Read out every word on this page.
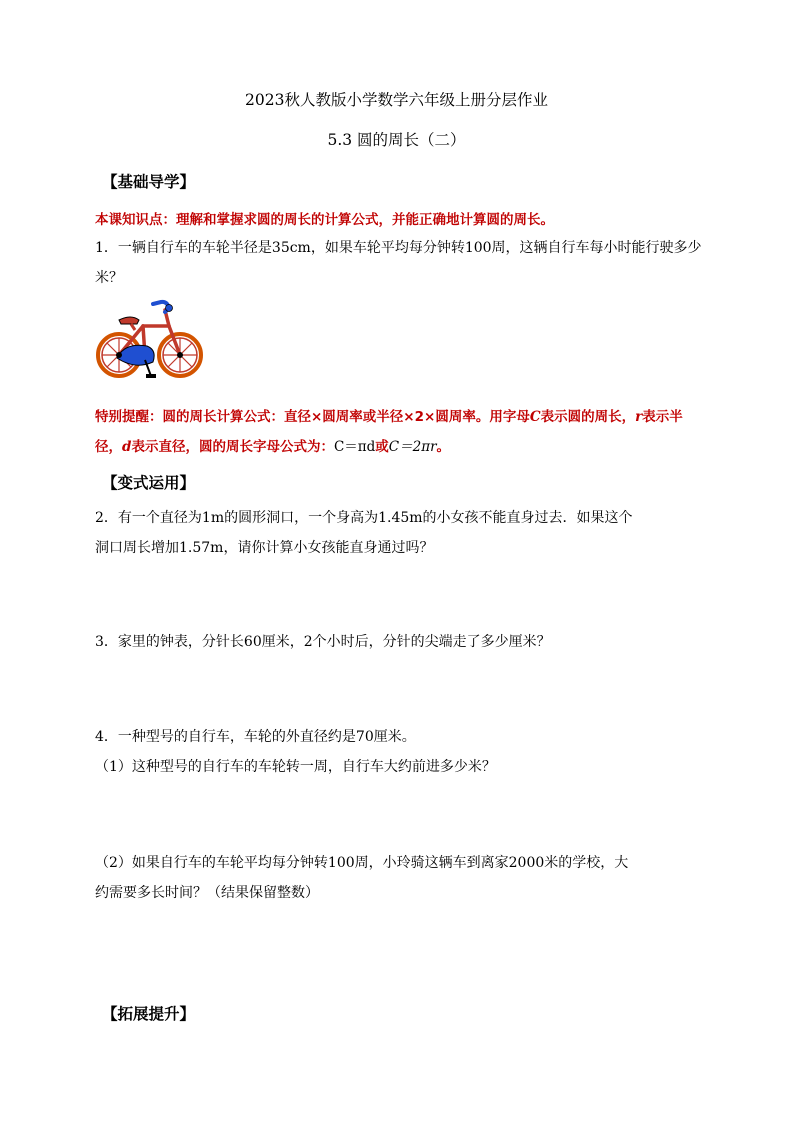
2023秋人教版小学数学六年级上册分层作业
5.3 圆的周长（二）
【基础导学】
本课知识点：理解和掌握求圆的周长的计算公式，并能正确地计算圆的周长。
1．一辆自行车的车轮半径是35cm，如果车轮平均每分钟转100周，这辆自行车每小时能行驶多少
米？
特别提醒：圆的周长计算公式：直径×圆周率或半径×2×圆周率。用字母C表示圆的周长，r表示半
径，d表示直径，圆的周长字母公式为：C＝πd或C＝2πr。
【变式运用】
2．有一个直径为1m的圆形洞口，一个身高为1.45m的小女孩不能直身过去．如果这个
洞口周长增加1.57m，请你计算小女孩能直身通过吗？
3．家里的钟表，分针长60厘米，2个小时后，分针的尖端走了多少厘米？
4．一种型号的自行车，车轮的外直径约是70厘米。
（1）这种型号的自行车的车轮转一周，自行车大约前进多少米？
（2）如果自行车的车轮平均每分钟转100周，小玲骑这辆车到离家2000米的学校，大
约需要多长时间？（结果保留整数）
【拓展提升】
